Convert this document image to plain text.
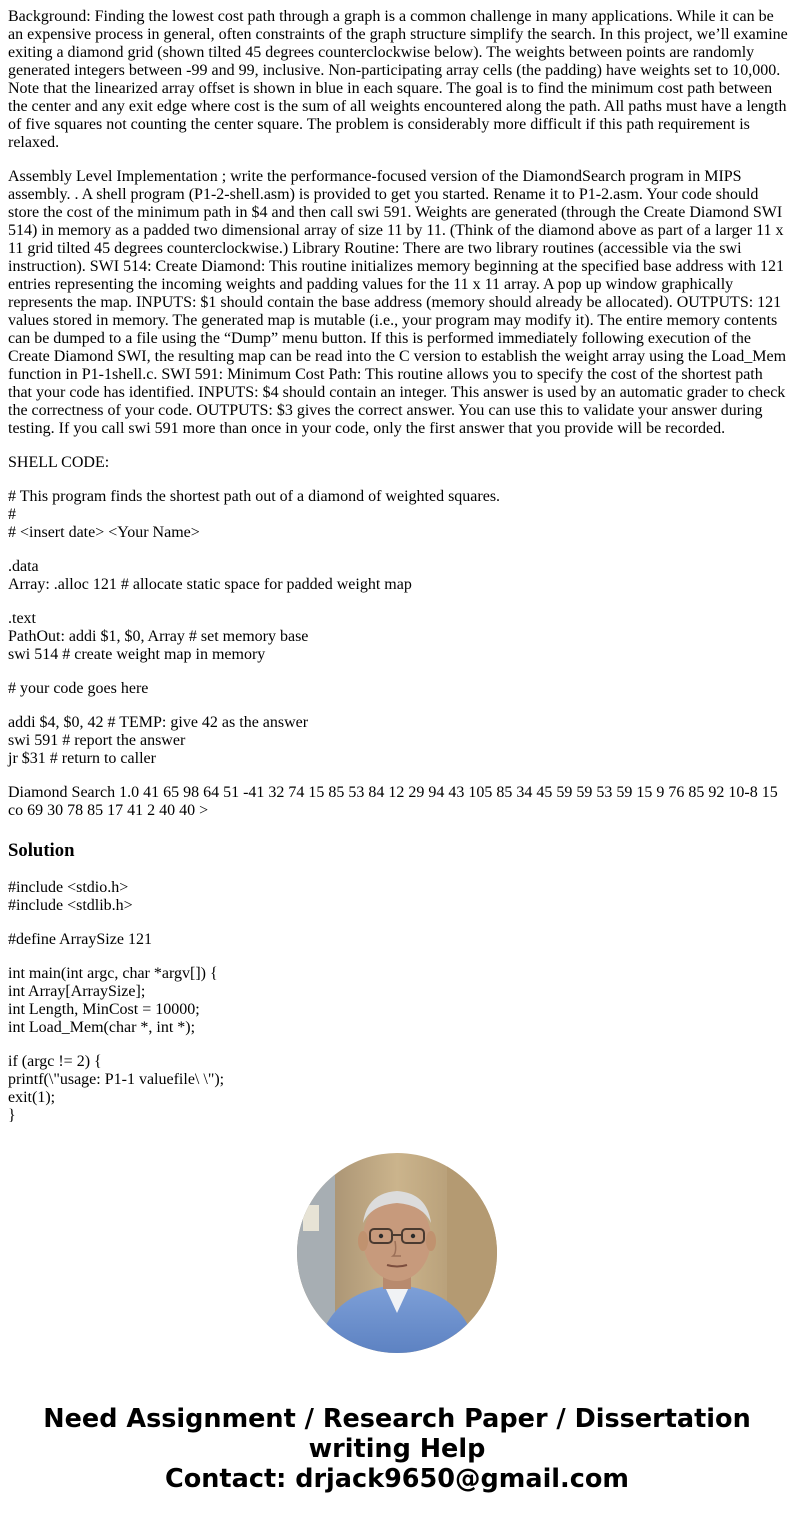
Background: Finding the lowest cost path through a graph is a common challenge in many applications. While it can be an expensive process in general, often constraints of the graph structure simplify the search. In this project, we’ll examine exiting a diamond grid (shown tilted 45 degrees counterclockwise below). The weights between points are randomly generated integers between -99 and 99, inclusive. Non-participating array cells (the padding) have weights set to 10,000. Note that the linearized array offset is shown in blue in each square. The goal is to find the minimum cost path between the center and any exit edge where cost is the sum of all weights encountered along the path. All paths must have a length of five squares not counting the center square. The problem is considerably more difficult if this path requirement is relaxed.

Assembly Level Implementation ; write the performance-focused version of the DiamondSearch program in MIPS assembly. . A shell program (P1-2-shell.asm) is provided to get you started. Rename it to P1-2.asm. Your code should store the cost of the minimum path in $4 and then call swi 591. Weights are generated (through the Create Diamond SWI 514) in memory as a padded two dimensional array of size 11 by 11. (Think of the diamond above as part of a larger 11 x 11 grid tilted 45 degrees counterclockwise.) Library Routine: There are two library routines (accessible via the swi instruction). SWI 514: Create Diamond: This routine initializes memory beginning at the specified base address with 121 entries representing the incoming weights and padding values for the 11 x 11 array. A pop up window graphically represents the map. INPUTS: $1 should contain the base address (memory should already be allocated). OUTPUTS: 121 values stored in memory. The generated map is mutable (i.e., your program may modify it). The entire memory contents can be dumped to a file using the “Dump” menu button. If this is performed immediately following execution of the Create Diamond SWI, the resulting map can be read into the C version to establish the weight array using the Load_Mem function in P1-1shell.c. SWI 591: Minimum Cost Path: This routine allows you to specify the cost of the shortest path that your code has identified. INPUTS: $4 should contain an integer. This answer is used by an automatic grader to check the correctness of your code. OUTPUTS: $3 gives the correct answer. You can use this to validate your answer during testing. If you call swi 591 more than once in your code, only the first answer that you provide will be recorded.

SHELL CODE:

# This program finds the shortest path out of a diamond of weighted squares.
#
# <insert date> <Your Name>

.data
Array: .alloc 121 # allocate static space for padded weight map

.text
PathOut: addi $1, $0, Array # set memory base
swi 514 # create weight map in memory

# your code goes here

addi $4, $0, 42 # TEMP: give 42 as the answer
swi 591 # report the answer
jr $31 # return to caller

Diamond Search 1.0 41 65 98 64 51 -41 32 74 15 85 53 84 12 29 94 43 105 85 34 45 59 59 53 59 15 9 76 85 92 10-8 15 co 69 30 78 85 17 41 2 40 40 >

Solution

#include <stdio.h>
#include <stdlib.h>

#define ArraySize 121

int main(int argc, char *argv[]) {
int Array[ArraySize];
int Length, MinCost = 10000;
int Load_Mem(char *, int *);

if (argc != 2) {
printf(\"usage: P1-1 valuefile\ \");
exit(1);
}

Need Assignment / Research Paper / Dissertation
writing Help
Contact: drjack9650@gmail.com
